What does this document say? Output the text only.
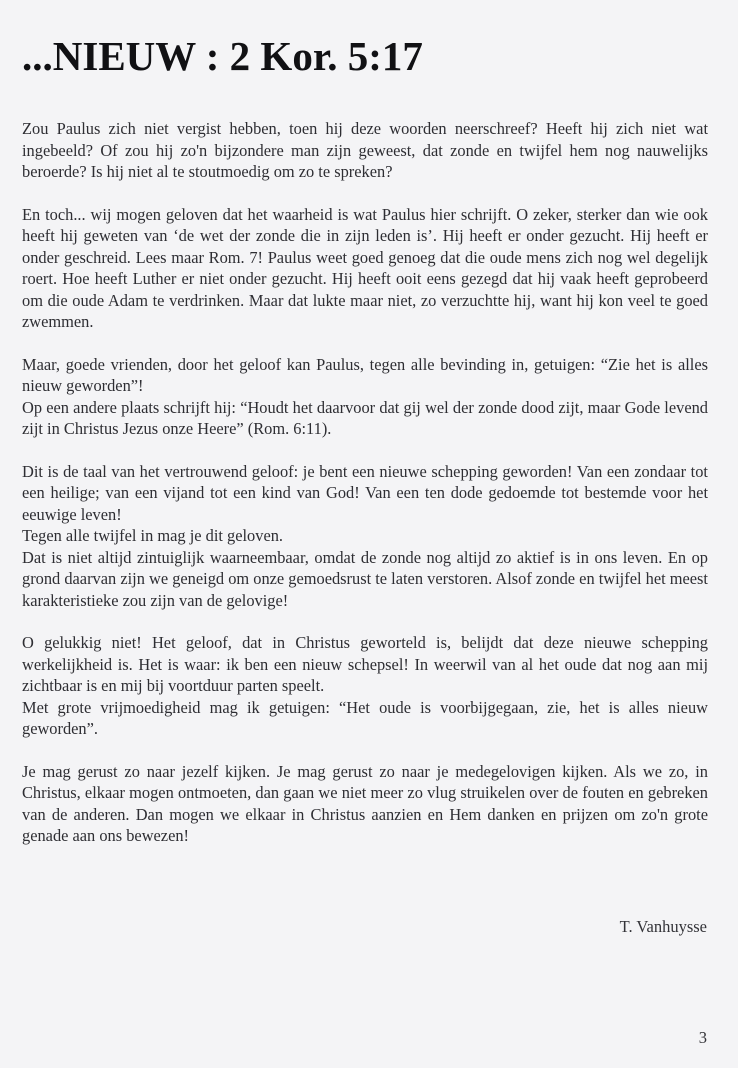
...NIEUW : 2 Kor. 5:17

Zou Paulus zich niet vergist hebben, toen hij deze woorden neerschreef? Heeft hij zich niet wat ingebeeld? Of zou hij zo'n bijzondere man zijn geweest, dat zonde en twijfel hem nog nauwelijks beroerde? Is hij niet al te stoutmoedig om zo te spreken?

En toch... wij mogen geloven dat het waarheid is wat Paulus hier schrijft. O zeker, sterker dan wie ook heeft hij geweten van ‘de wet der zonde die in zijn leden is’. Hij heeft er onder gezucht. Hij heeft er onder geschreid. Lees maar Rom. 7! Paulus weet goed genoeg dat die oude mens zich nog wel degelijk roert. Hoe heeft Luther er niet onder gezucht. Hij heeft ooit eens gezegd dat hij vaak heeft geprobeerd om die oude Adam te verdrinken. Maar dat lukte maar niet, zo verzuchtte hij, want hij kon veel te goed zwemmen.

Maar, goede vrienden, door het geloof kan Paulus, tegen alle bevinding in, getuigen: “Zie het is alles nieuw geworden”!
Op een andere plaats schrijft hij: “Houdt het daarvoor dat gij wel der zonde dood zijt, maar Gode levend zijt in Christus Jezus onze Heere” (Rom. 6:11).

Dit is de taal van het vertrouwend geloof: je bent een nieuwe schepping geworden! Van een zondaar tot een heilige; van een vijand tot een kind van God! Van een ten dode gedoemde tot bestemde voor het eeuwige leven!
Tegen alle twijfel in mag je dit geloven.
Dat is niet altijd zintuiglijk waarneembaar, omdat de zonde nog altijd zo aktief is in ons leven. En op grond daarvan zijn we geneigd om onze gemoedsrust te laten verstoren. Alsof zonde en twijfel het meest karakteristieke zou zijn van de gelovige!

O gelukkig niet! Het geloof, dat in Christus geworteld is, belijdt dat deze nieuwe schepping werkelijkheid is. Het is waar: ik ben een nieuw schepsel! In weerwil van al het oude dat nog aan mij zichtbaar is en mij bij voortduur parten speelt.
Met grote vrijmoedigheid mag ik getuigen: “Het oude is voorbijgegaan, zie, het is alles nieuw geworden”.

Je mag gerust zo naar jezelf kijken. Je mag gerust zo naar je medegelovigen kijken. Als we zo, in Christus, elkaar mogen ontmoeten, dan gaan we niet meer zo vlug struikelen over de fouten en gebreken van de anderen. Dan mogen we elkaar in Christus aanzien en Hem danken en prijzen om zo'n grote genade aan ons bewezen!

T. Vanhuysse
3
